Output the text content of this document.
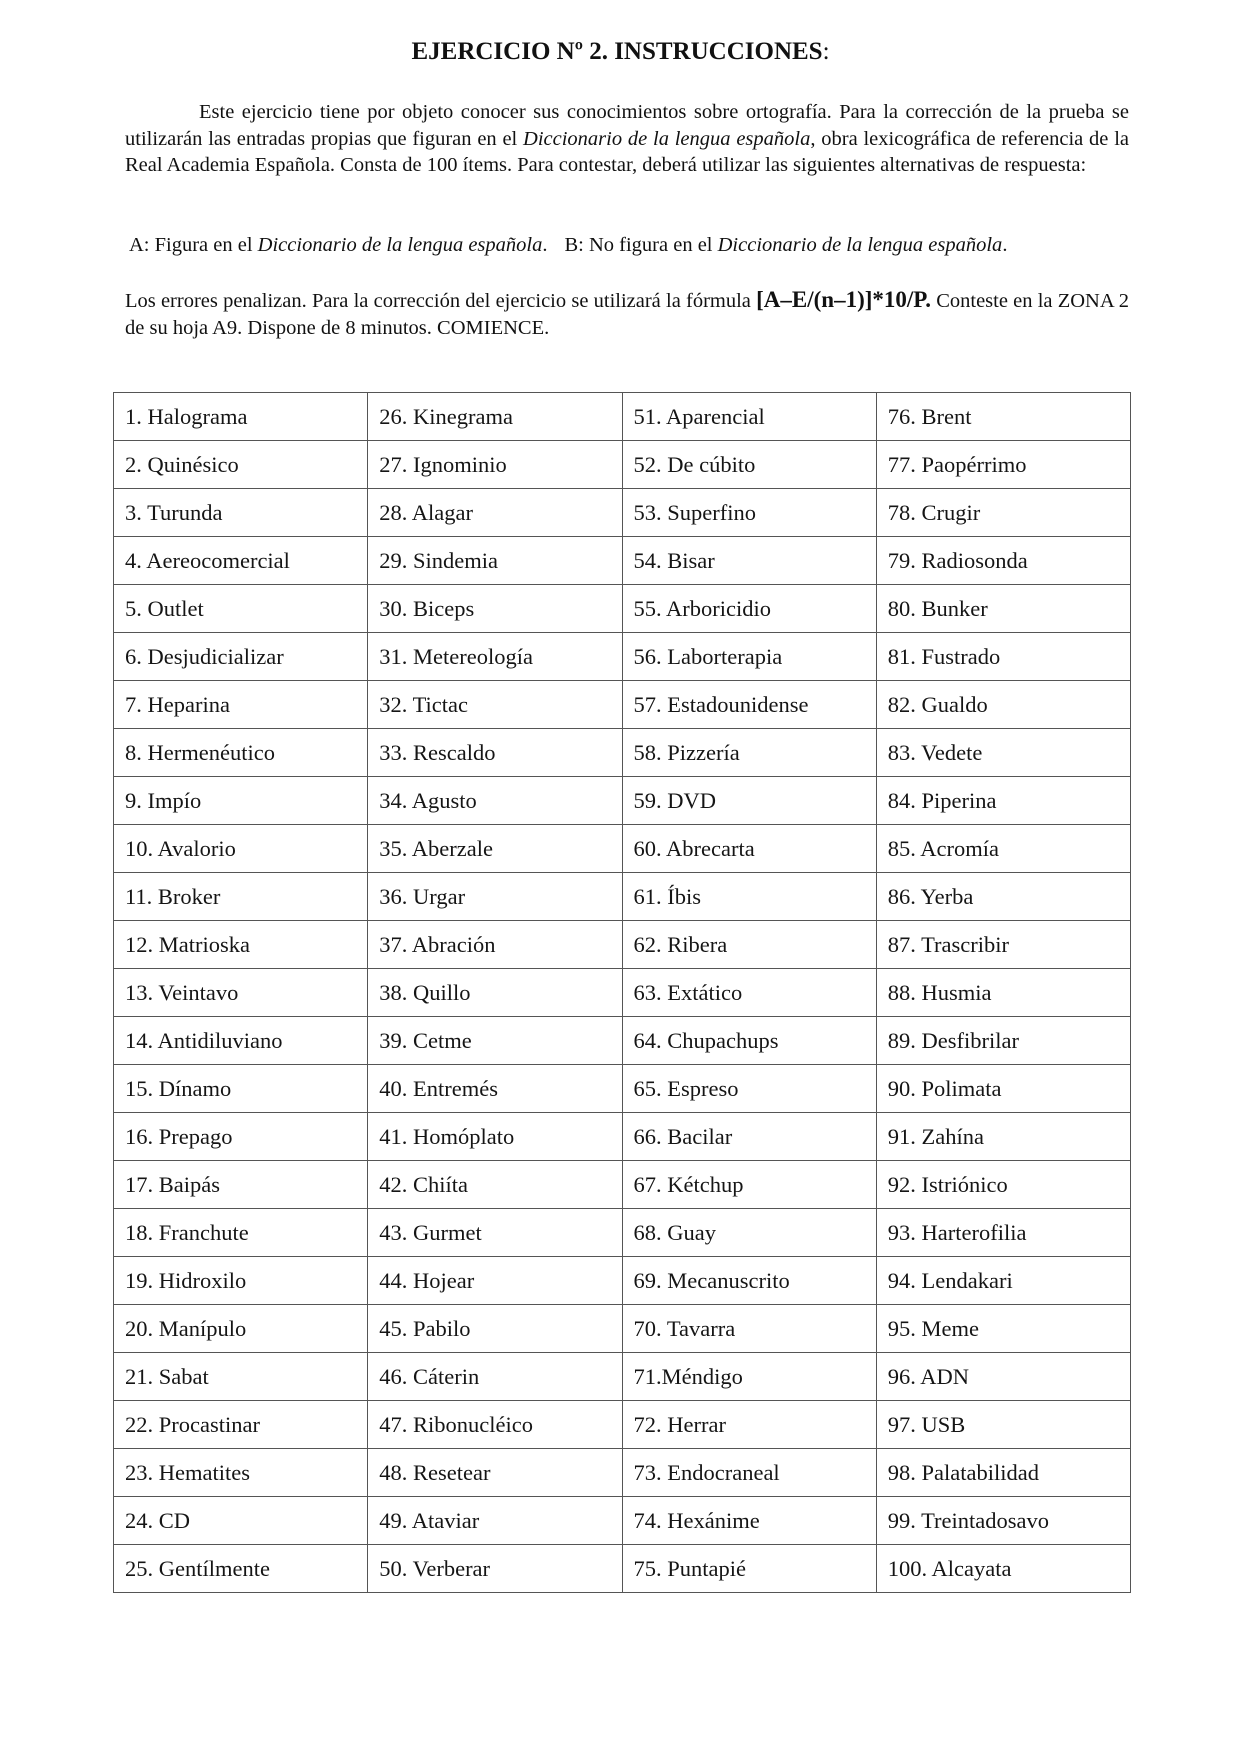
EJERCICIO Nº 2. INSTRUCCIONES:
Este ejercicio tiene por objeto conocer sus conocimientos sobre ortografía. Para la corrección de la prueba se utilizarán las entradas propias que figuran en el Diccionario de la lengua española, obra lexicográfica de referencia de la Real Academia Española. Consta de 100 ítems. Para contestar, deberá utilizar las siguientes alternativas de respuesta:
A: Figura en el Diccionario de la lengua española. B: No figura en el Diccionario de la lengua española.
Los errores penalizan. Para la corrección del ejercicio se utilizará la fórmula [A–E/(n–1)]*10/P. Conteste en la ZONA 2 de su hoja A9. Dispone de 8 minutos. COMIENCE.
1. Halograma	26. Kinegrama	51. Aparencial	76. Brent
2. Quinésico	27. Ignominio	52. De cúbito	77. Paopérrimo
3. Turunda	28. Alagar	53. Superfino	78. Crugir
4. Aereocomercial	29. Sindemia	54. Bisar	79. Radiosonda
5. Outlet	30. Biceps	55. Arboricidio	80. Bunker
6. Desjudicializar	31. Metereología	56. Laborterapia	81. Fustrado
7. Heparina	32. Tictac	57. Estadounidense	82. Gualdo
8. Hermenéutico	33. Rescaldo	58. Pizzería	83. Vedete
9. Impío	34. Agusto	59. DVD	84. Piperina
10. Avalorio	35. Aberzale	60. Abrecarta	85. Acromía
11. Broker	36. Urgar	61. Íbis	86. Yerba
12. Matrioska	37. Abración	62. Ribera	87. Trascribir
13. Veintavo	38. Quillo	63. Extático	88. Husmia
14. Antidiluviano	39. Cetme	64. Chupachups	89. Desfibrilar
15. Dínamo	40. Entremés	65. Espreso	90. Polimata
16. Prepago	41. Homóplato	66. Bacilar	91. Zahína
17. Baipás	42. Chiíta	67. Kétchup	92. Istriónico
18. Franchute	43. Gurmet	68. Guay	93. Harterofilia
19. Hidroxilo	44. Hojear	69. Mecanuscrito	94. Lendakari
20. Manípulo	45. Pabilo	70. Tavarra	95. Meme
21. Sabat	46. Cáterin	71.Méndigo	96. ADN
22. Procastinar	47. Ribonucléico	72. Herrar	97. USB
23. Hematites	48. Resetear	73. Endocraneal	98. Palatabilidad
24. CD	49. Ataviar	74. Hexánime	99. Treintadosavo
25. Gentílmente	50. Verberar	75. Puntapié	100. Alcayata
